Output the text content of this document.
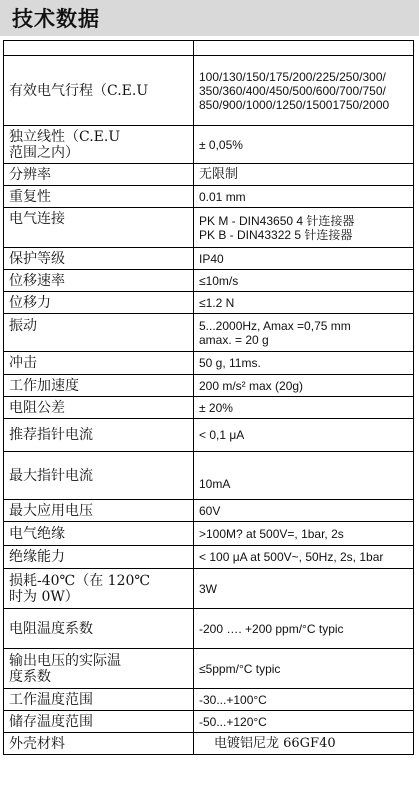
技术数据

有效电气行程（C.E.U	100/130/150/175/200/225/250/300/
350/360/400/450/500/600/700/750/
850/900/1000/1250/15001750/2000
独立线性（C.E.U
范围之内）	± 0,05%
分辨率	无限制
重复性	0.01 mm
电气连接	PK M - DIN43650 4 针连接器
PK B - DIN43322 5 针连接器
保护等级	IP40
位移速率	≤10m/s
位移力	≤1.2 N
振动	5...2000Hz, Amax =0,75 mm
amax. = 20 g
冲击	50 g, 11ms.
工作加速度	200 m/s² max (20g)
电阻公差	± 20%
推荐指针电流	< 0,1 μA
最大指针电流	10mA
最大应用电压	60V
电气绝缘	>100M? at 500V=, 1bar, 2s
绝缘能力	< 100 μA at 500V~, 50Hz, 2s, 1bar
损耗-40℃（在 120℃
时为 0W）	3W
电阻温度系数	-200 …. +200 ppm/°C typic
输出电压的实际温
度系数	≤5ppm/°C typic
工作温度范围	-30...+100°C
储存温度范围	-50...+120°C
外壳材料	电镀铝尼龙 66GF40
